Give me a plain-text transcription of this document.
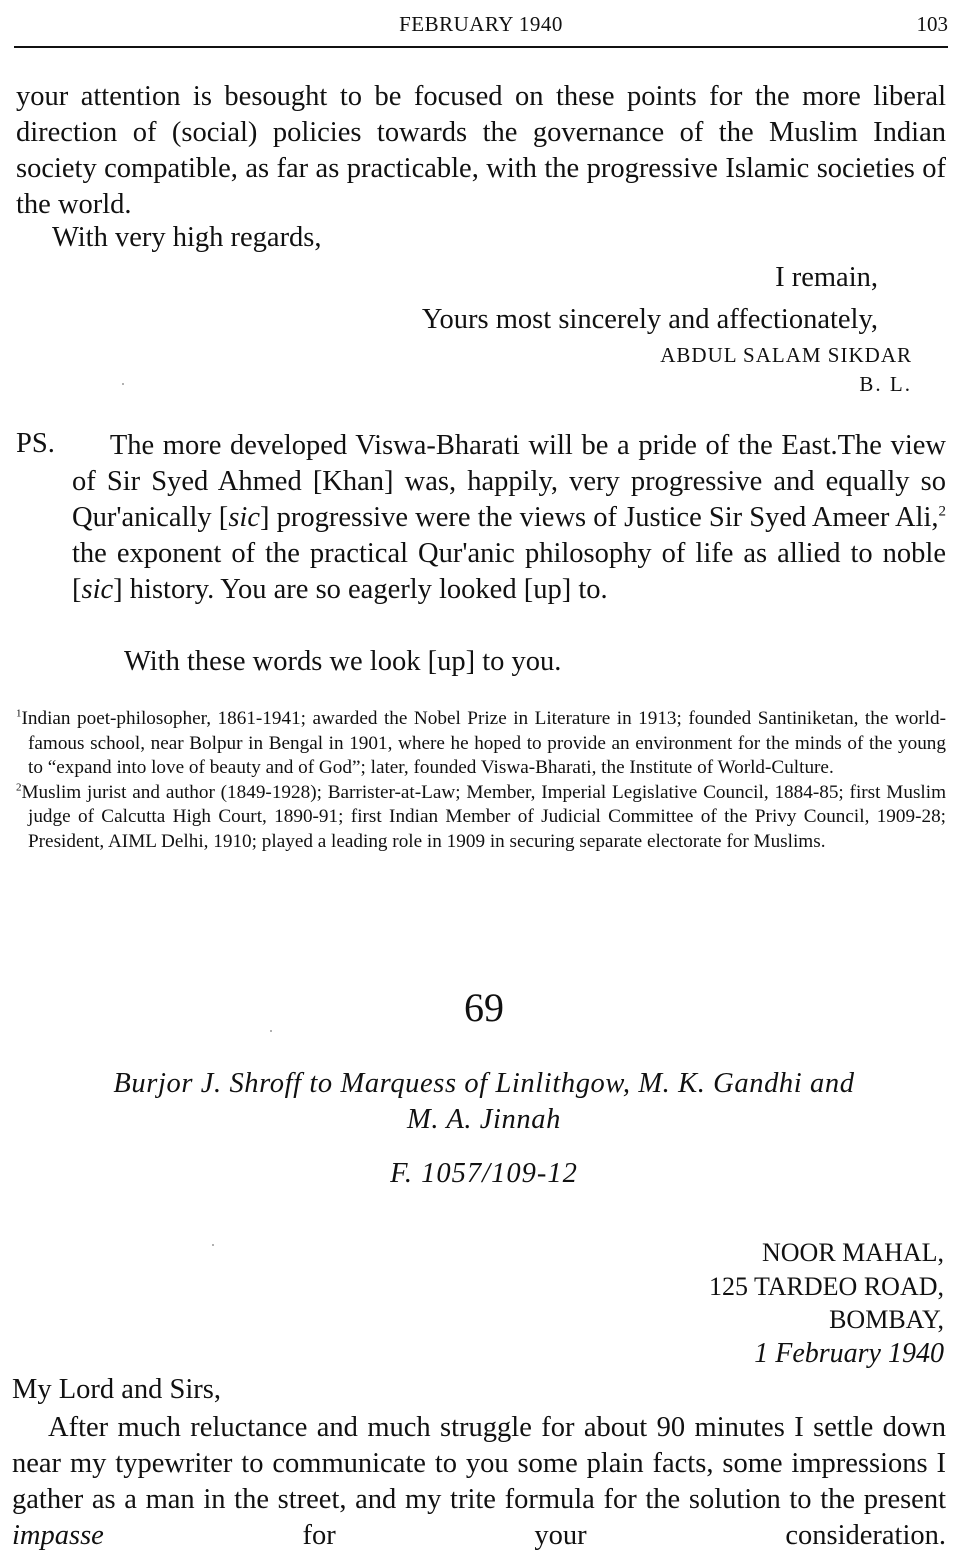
FEBRUARY 1940	103
your attention is besought to be focused on these points for the more liberal direction of (social) policies towards the governance of the Muslim Indian society compatible, as far as practicable, with the progressive Islamic societies of the world.
With very high regards,
I remain,
Yours most sincerely and affectionately,
ABDUL SALAM SIKDAR
B. L.
PS.	The more developed Viswa-Bharati will be a pride of the East.The view of Sir Syed Ahmed [Khan] was, happily, very progressive and equally so Qur'anically [sic] progressive were the views of Justice Sir Syed Ameer Ali,$^2$ the exponent of the practical Qur'anic philosophy of life as allied to noble [sic] history. You are so eagerly looked [up] to.
With these words we look [up] to you.
$^1$Indian poet-philosopher, 1861-1941; awarded the Nobel Prize in Literature in 1913; founded Santiniketan, the world-famous school, near Bolpur in Bengal in 1901, where he hoped to provide an environment for the minds of the young to “expand into love of beauty and of God”; later, founded Viswa-Bharati, the Institute of World-Culture.
$^2$Muslim jurist and author (1849-1928); Barrister-at-Law; Member, Imperial Legislative Council, 1884-85; first Muslim judge of Calcutta High Court, 1890-91; first Indian Member of Judicial Committee of the Privy Council, 1909-28; President, AIML Delhi, 1910; played a leading role in 1909 in securing separate electorate for Muslims.
69
Burjor J. Shroff to Marquess of Linlithgow, M. K. Gandhi and
M. A. Jinnah
F. 1057/109-12
NOOR MAHAL,
125 TARDEO ROAD,
BOMBAY,
1 February 1940
My Lord and Sirs,
After much reluctance and much struggle for about 90 minutes I settle down near my typewriter to communicate to you some plain facts, some impressions I gather as a man in the street, and my trite formula for the solution to the present impasse for your consideration.
